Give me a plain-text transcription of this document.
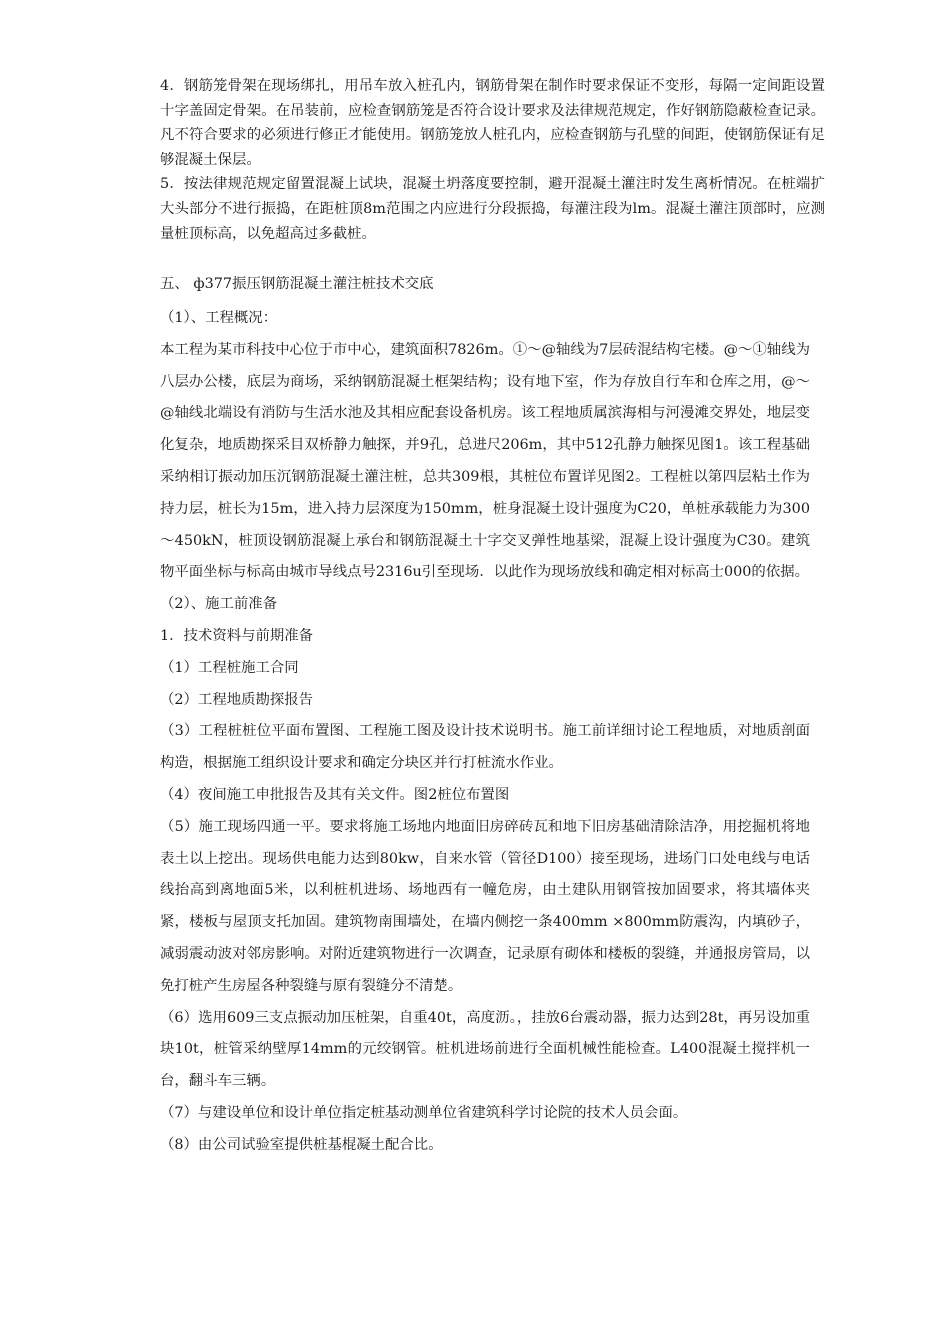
4．钢筋笼骨架在现场绑扎，用吊车放入桩孔内，钢筋骨架在制作时要求保证不变形，每隔一定间距设置十字盖固定骨架。在吊装前，应检查钢筋笼是否符合设计要求及法律规范规定，作好钢筋隐蔽检查记录。凡不符合要求的必须进行修正才能使用。钢筋笼放人桩孔内，应检查钢筋与孔壁的间距，使钢筋保证有足够混凝土保层。

5．按法律规范规定留置混凝上试块，混凝土坍落度要控制，避开混凝土灌注时发生离析情况。在桩端扩大头部分不进行振捣，在距桩顶8m范围之内应进行分段振捣，每灌注段为lm。混凝土灌注顶部时，应测量桩顶标高，以免超高过多截桩。

五、 ф377振压钢筋混凝土灌注桩技术交底

（1）、工程概况：

本工程为某市科技中心位于市中心，建筑面积7826m。①～@轴线为7层砖混结构宅楼。@～①轴线为八层办公楼，底层为商场，采纳钢筋混凝土框架结构；设有地下室，作为存放自行车和仓库之用，@～@轴线北端设有消防与生活水池及其相应配套设备机房。该工程地质属滨海相与河漫滩交界处，地层变化复杂，地质勘探采目双桥静力触探，并9孔，总进尺206m，其中512孔静力触探见图1。该工程基础采纳相订振动加压沉钢筋混凝土灌注桩，总共309根，其桩位布置详见图2。工程桩以第四层粘土作为持力层，桩长为15m，进入持力层深度为150mm，桩身混凝土设计强度为C20，单桩承载能力为300～450kN，桩顶设钢筋混凝上承台和钢筋混凝土十字交叉弹性地基梁，混凝上设计强度为C30。建筑物平面坐标与标高由城市导线点号2316u引至现场．以此作为现场放线和确定相对标高士000的依据。

（2）、施工前准备

1．技术资料与前期准备

（1）工程桩施工合同

（2）工程地质勘探报告

（3）工程桩桩位平面布置图、工程施工图及设计技术说明书。施工前详细讨论工程地质，对地质剖面构造，根据施工组织设计要求和确定分块区并行打桩流水作业。

（4）夜间施工申批报告及其有关文件。图2桩位布置图

（5）施工现场四通一平。要求将施工场地内地面旧房碎砖瓦和地下旧房基础清除洁净，用挖掘机将地表土以上挖出。现场供电能力达到80kw，自来水管（管径D100）接至现场，进场门口处电线与电话线抬高到离地面5米，以利桩机进场、场地西有一幢危房，由土建队用钢管按加固要求，将其墙体夹紧，楼板与屋顶支托加固。建筑物南围墙处，在墙内侧挖一条400mm ×800mm防震沟，内填砂子，减弱震动波对邻房影响。对附近建筑物进行一次调查，记录原有砌体和楼板的裂缝，并通报房管局，以免打桩产生房屋各种裂缝与原有裂缝分不清楚。

（6）选用609三支点振动加压桩架，自重40t，高度沥。，挂放6台震动器，振力达到28t，再另设加重块10t，桩管采纳壁厚14mm的元绞钢管。桩机进场前进行全面机械性能检查。L400混凝土搅拌机一台，翻斗车三辆。

（7）与建设单位和设计单位指定桩基动测单位省建筑科学讨论院的技术人员会面。

（8）由公司试验室提供桩基棍凝土配合比。
